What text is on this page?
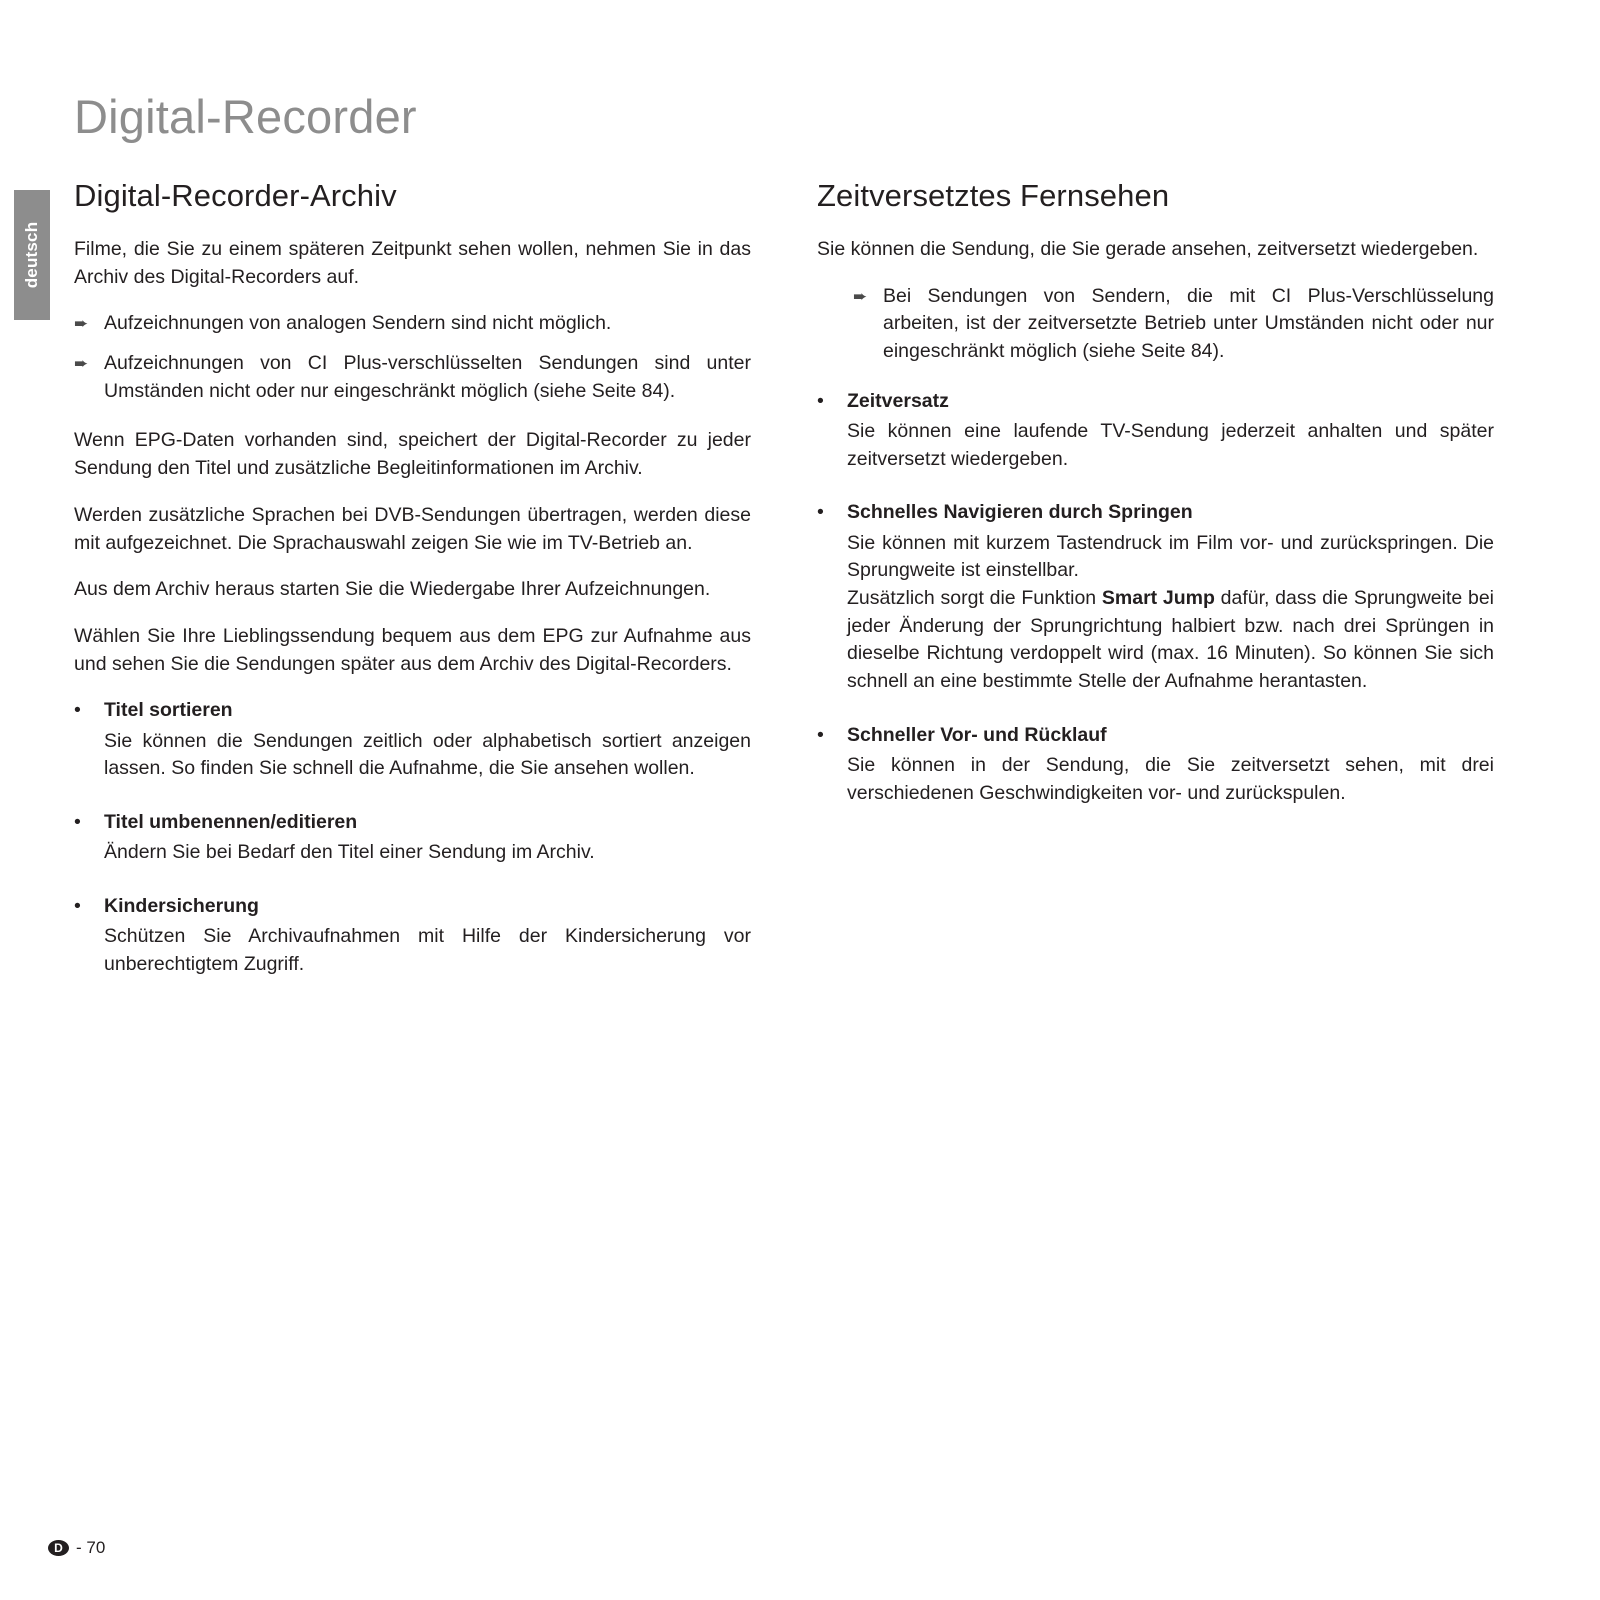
deutsch
Digital-Recorder
Digital-Recorder-Archiv

Filme, die Sie zu einem späteren Zeitpunkt sehen wollen, nehmen Sie in das Archiv des Digital-Recorders auf.

➨ Aufzeichnungen von analogen Sendern sind nicht möglich.
➨ Aufzeichnungen von CI Plus-verschlüsselten Sendungen sind unter Umständen nicht oder nur eingeschränkt möglich (siehe Seite 84).

Wenn EPG-Daten vorhanden sind, speichert der Digital-Recorder zu jeder Sendung den Titel und zusätzliche Begleitinformationen im Archiv.

Werden zusätzliche Sprachen bei DVB-Sendungen übertragen, werden diese mit aufgezeichnet. Die Sprachauswahl zeigen Sie wie im TV-Betrieb an.

Aus dem Archiv heraus starten Sie die Wiedergabe Ihrer Aufzeichnungen.

Wählen Sie Ihre Lieblingssendung bequem aus dem EPG zur Aufnahme aus und sehen Sie die Sendungen später aus dem Archiv des Digital-Recorders.

•	Titel sortieren
Sie können die Sendungen zeitlich oder alphabetisch sortiert anzeigen lassen. So finden Sie schnell die Aufnahme, die Sie ansehen wollen.
•	Titel umbenennen/editieren
Ändern Sie bei Bedarf den Titel einer Sendung im Archiv.
•	Kindersicherung
Schützen Sie Archivaufnahmen mit Hilfe der Kindersicherung vor unberechtigtem Zugriff.
Zeitversetztes Fernsehen

Sie können die Sendung, die Sie gerade ansehen, zeitversetzt wiedergeben.

➨ Bei Sendungen von Sendern, die mit CI Plus-Verschlüsselung arbeiten, ist der zeitversetzte Betrieb unter Umständen nicht oder nur eingeschränkt möglich (siehe Seite 84).
•	Zeitversatz
Sie können eine laufende TV-Sendung jederzeit anhalten und später zeitversetzt wiedergeben.
•	Schnelles Navigieren durch Springen
Sie können mit kurzem Tastendruck im Film vor- und zurückspringen. Die Sprungweite ist einstellbar.
Zusätzlich sorgt die Funktion Smart Jump dafür, dass die Sprungweite bei jeder Änderung der Sprungrichtung halbiert bzw. nach drei Sprüngen in dieselbe Richtung verdoppelt wird (max. 16 Minuten). So können Sie sich schnell an eine bestimmte Stelle der Aufnahme herantasten.
•	Schneller Vor- und Rücklauf
Sie können in der Sendung, die Sie zeitversetzt sehen, mit drei verschiedenen Geschwindigkeiten vor- und zurückspulen.
D - 70
